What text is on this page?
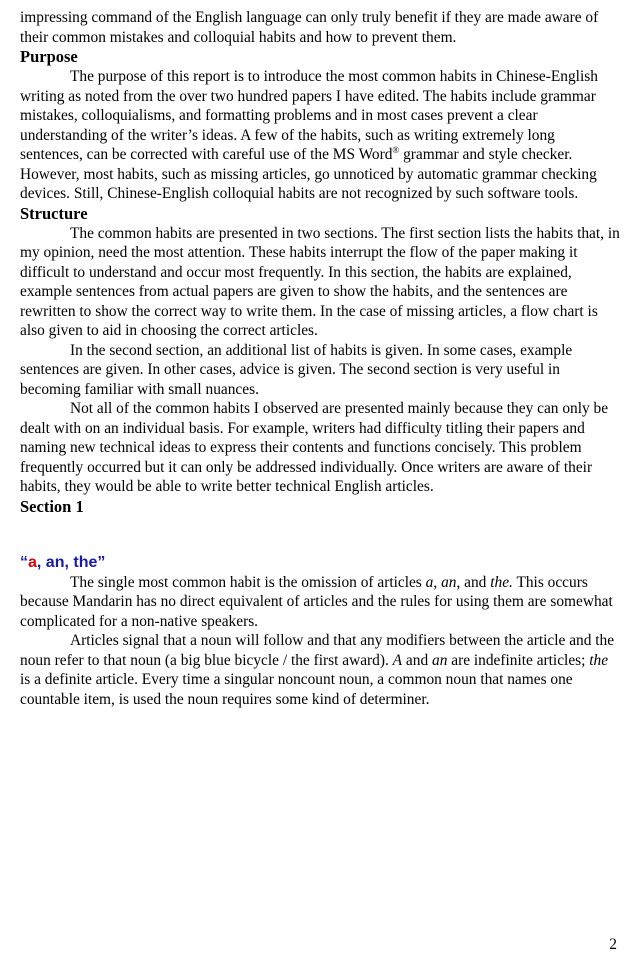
impressing command of the English language can only truly benefit if they are made aware of their common mistakes and colloquial habits and how to prevent them.

Purpose

The purpose of this report is to introduce the most common habits in Chinese-English writing as noted from the over two hundred papers I have edited. The habits include grammar mistakes, colloquialisms, and formatting problems and in most cases prevent a clear understanding of the writer’s ideas. A few of the habits, such as writing extremely long sentences, can be corrected with careful use of the MS Word® grammar and style checker. However, most habits, such as missing articles, go unnoticed by automatic grammar checking devices. Still, Chinese-English colloquial habits are not recognized by such software tools.

Structure

The common habits are presented in two sections. The first section lists the habits that, in my opinion, need the most attention. These habits interrupt the flow of the paper making it difficult to understand and occur most frequently. In this section, the habits are explained, example sentences from actual papers are given to show the habits, and the sentences are rewritten to show the correct way to write them. In the case of missing articles, a flow chart is also given to aid in choosing the correct articles.

In the second section, an additional list of habits is given. In some cases, example sentences are given. In other cases, advice is given. The second section is very useful in becoming familiar with small nuances.

Not all of the common habits I observed are presented mainly because they can only be dealt with on an individual basis. For example, writers had difficulty titling their papers and naming new technical ideas to express their contents and functions concisely. This problem frequently occurred but it can only be addressed individually. Once writers are aware of their habits, they would be able to write better technical English articles.

Section 1
“a, an, the”

The single most common habit is the omission of articles a, an, and the. This occurs because Mandarin has no direct equivalent of articles and the rules for using them are somewhat complicated for a non-native speakers.

Articles signal that a noun will follow and that any modifiers between the article and the noun refer to that noun (a big blue bicycle / the first award). A and an are indefinite articles; the is a definite article. Every time a singular noncount noun, a common noun that names one countable item, is used the noun requires some kind of determiner.

2
